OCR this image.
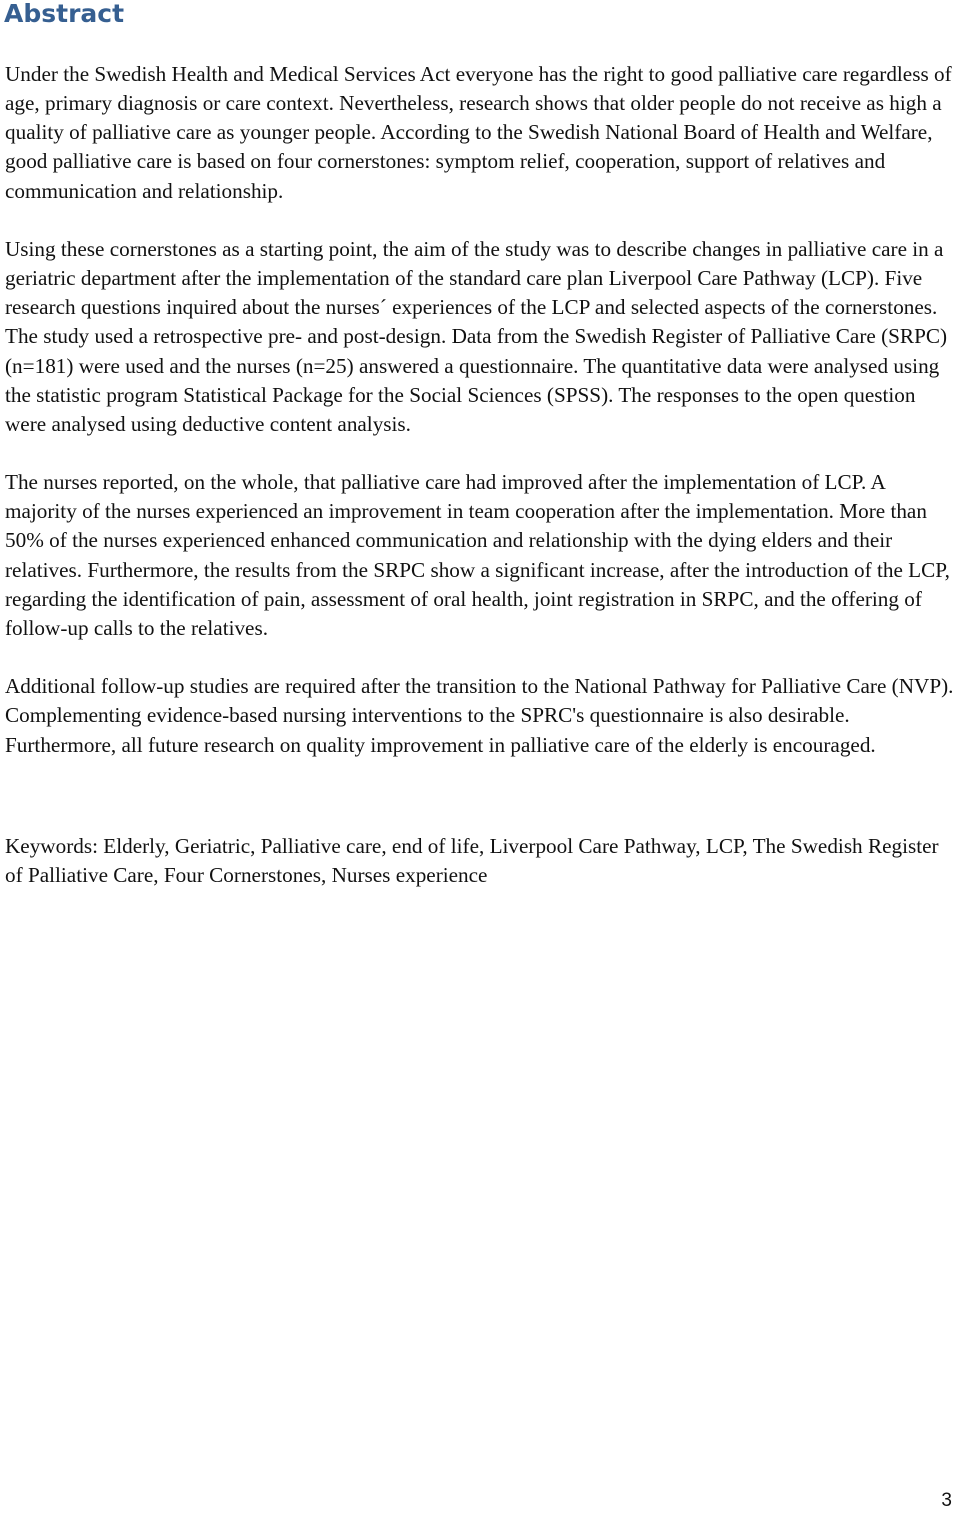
Abstract

Under the Swedish Health and Medical Services Act everyone has the right to good palliative care regardless of age, primary diagnosis or care context. Nevertheless, research shows that older people do not receive as high a quality of palliative care as younger people. According to the Swedish National Board of Health and Welfare, good palliative care is based on four cornerstones: symptom relief, cooperation, support of relatives and communication and relationship.

Using these cornerstones as a starting point, the aim of the study was to describe changes in palliative care in a geriatric department after the implementation of the standard care plan Liverpool Care Pathway (LCP). Five research questions inquired about the nurses´ experiences of the LCP and selected aspects of the cornerstones. The study used a retrospective pre- and post-design. Data from the Swedish Register of Palliative Care (SRPC) (n=181) were used and the nurses (n=25) answered a questionnaire. The quantitative data were analysed using the statistic program Statistical Package for the Social Sciences (SPSS). The responses to the open question were analysed using deductive content analysis.

The nurses reported, on the whole, that palliative care had improved after the implementation of LCP. A majority of the nurses experienced an improvement in team cooperation after the implementation. More than 50% of the nurses experienced enhanced communication and relationship with the dying elders and their relatives. Furthermore, the results from the SRPC show a significant increase, after the introduction of the LCP, regarding the identification of pain, assessment of oral health, joint registration in SRPC, and the offering of follow-up calls to the relatives.

Additional follow-up studies are required after the transition to the National Pathway for Palliative Care (NVP). Complementing evidence-based nursing interventions to the SPRC's questionnaire is also desirable. Furthermore, all future research on quality improvement in palliative care of the elderly is encouraged.

Keywords: Elderly, Geriatric, Palliative care, end of life, Liverpool Care Pathway, LCP, The Swedish Register of Palliative Care, Four Cornerstones, Nurses experience

3
